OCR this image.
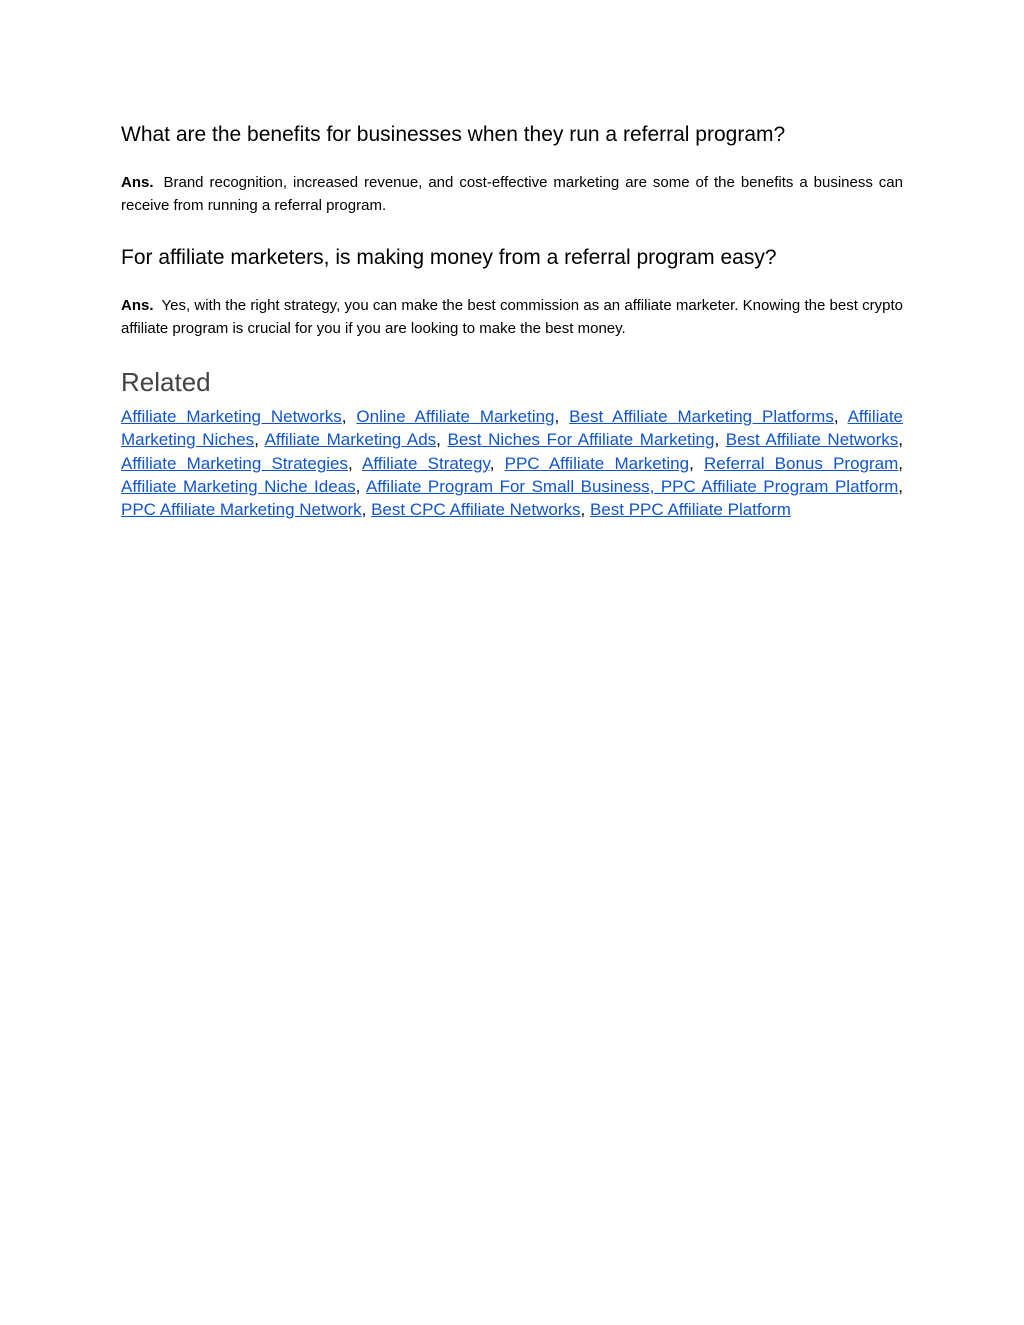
What are the benefits for businesses when they run a referral program?

Ans. Brand recognition, increased revenue, and cost-effective marketing are some of the benefits a business can receive from running a referral program.

For affiliate marketers, is making money from a referral program easy?

Ans. Yes, with the right strategy, you can make the best commission as an affiliate marketer. Knowing the best crypto affiliate program is crucial for you if you are looking to make the best money.

Related

Affiliate Marketing Networks, Online Affiliate Marketing, Best Affiliate Marketing Platforms, Affiliate Marketing Niches, Affiliate Marketing Ads, Best Niches For Affiliate Marketing, Best Affiliate Networks, Affiliate Marketing Strategies, Affiliate Strategy, PPC Affiliate Marketing, Referral Bonus Program, Affiliate Marketing Niche Ideas, Affiliate Program For Small Business, PPC Affiliate Program Platform, PPC Affiliate Marketing Network, Best CPC Affiliate Networks, Best PPC Affiliate Platform
